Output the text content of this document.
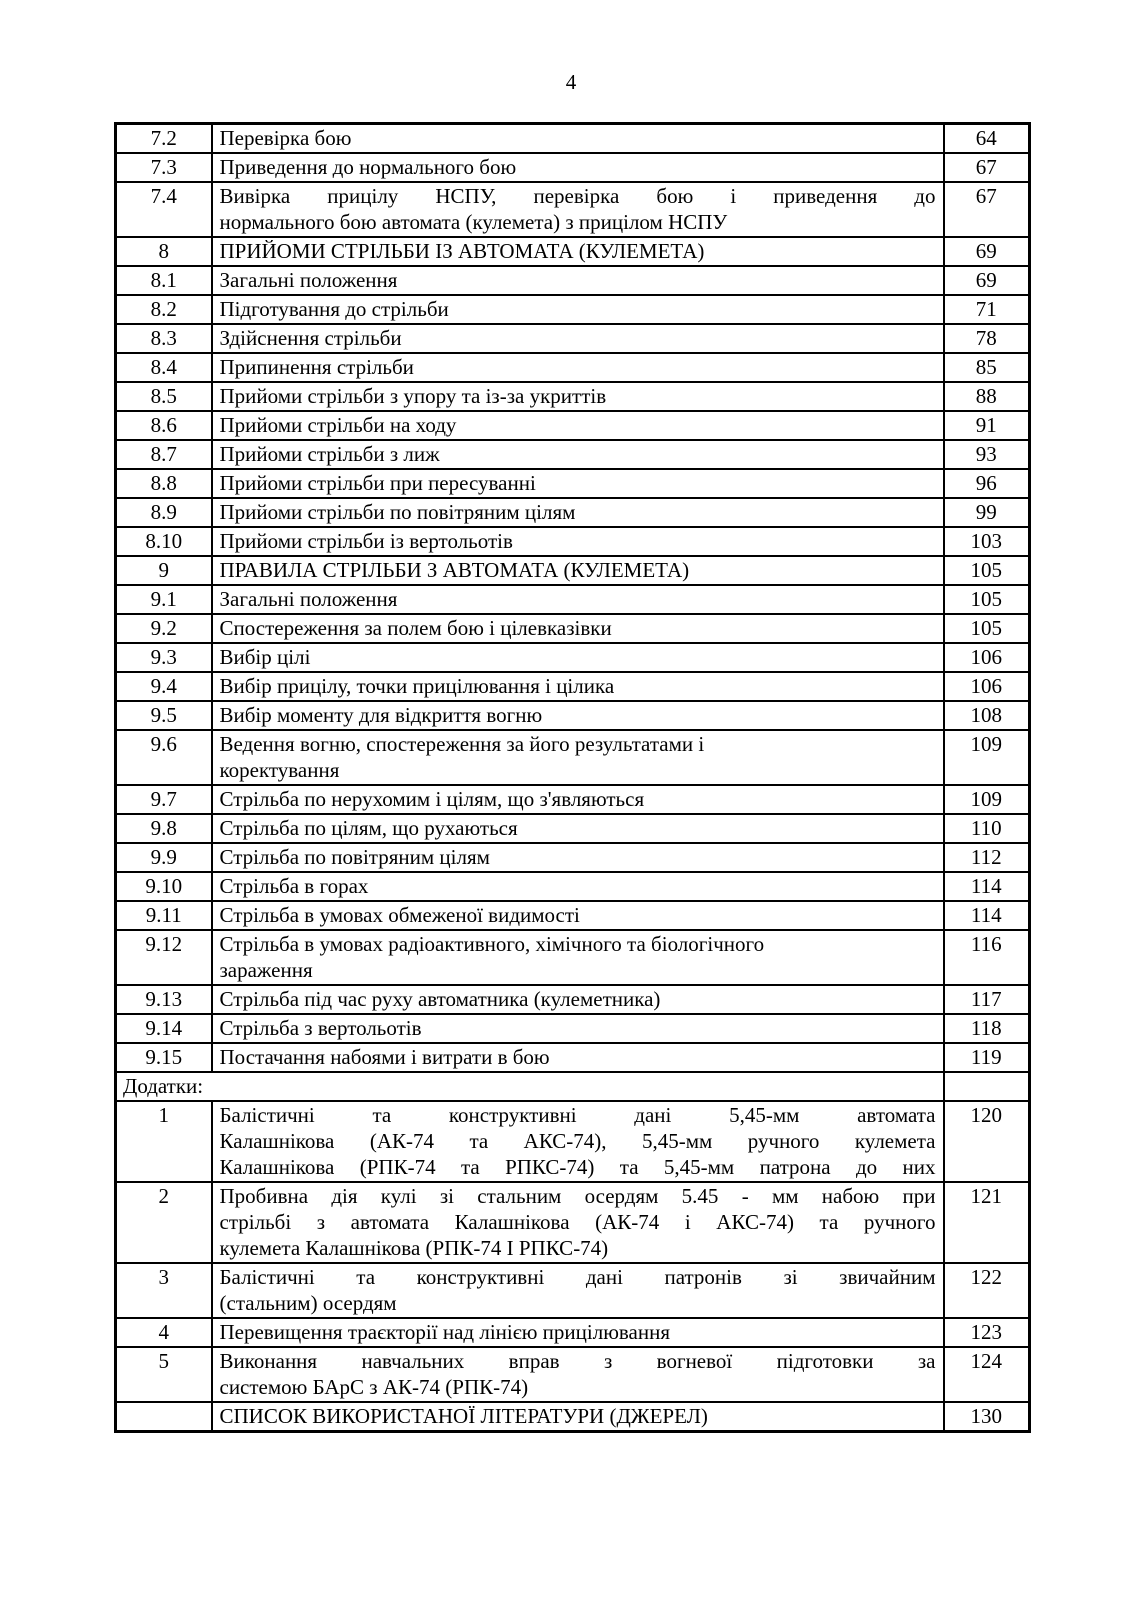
4
7.2	Перевірка бою	64
7.3	Приведення до нормального бою	67
7.4	Вивірка прицілу НСПУ, перевірка бою і приведення до
нормального бою автомата (кулемета) з прицілом НСПУ	67
8	ПРИЙОМИ СТРІЛЬБИ ІЗ АВТОМАТА (КУЛЕМЕТА)	69
8.1	Загальні положення	69
8.2	Підготування до стрільби	71
8.3	Здійснення стрільби	78
8.4	Припинення стрільби	85
8.5	Прийоми стрільби з упору та із-за укриттів	88
8.6	Прийоми стрільби на ходу	91
8.7	Прийоми стрільби з лиж	93
8.8	Прийоми стрільби при пересуванні	96
8.9	Прийоми стрільби по повітряним цілям	99
8.10	Прийоми стрільби із вертольотів	103
9	ПРАВИЛА СТРІЛЬБИ З АВТОМАТА (КУЛЕМЕТА)	105
9.1	Загальні положення	105
9.2	Спостереження за полем бою і цілевказівки	105
9.3	Вибір цілі	106
9.4	Вибір прицілу, точки прицілювання і цілика	106
9.5	Вибір моменту для відкриття вогню	108
9.6	Ведення вогню, спостереження за його результатами і
коректування	109
9.7	Стрільба по нерухомим і цілям, що з'являються	109
9.8	Стрільба по цілям, що рухаються	110
9.9	Стрільба по повітряним цілям	112
9.10	Стрільба в горах	114
9.11	Стрільба в умовах обмеженої видимості	114
9.12	Стрільба в умовах радіоактивного, хімічного та біологічного
зараження	116
9.13	Стрільба під час руху автоматника (кулеметника)	117
9.14	Стрільба з вертольотів	118
9.15	Постачання набоями і витрати в бою	119
Додатки:		
1	Балістичні та конструктивні дані 5,45-мм автомата
Калашнікова (АК-74 та АКС-74), 5,45-мм ручного кулемета
Калашнікова (РПК-74 та РПКС-74) та 5,45-мм патрона до них	120
2	Пробивна дія кулі зі стальним осердям 5.45 - мм набою при
стрільбі з автомата Калашнікова (АК-74 і АКС-74) та ручного
кулемета Калашнікова (РПК-74 І РПКС-74)	121
3	Балістичні та конструктивні дані патронів зі звичайним
(стальним) осердям	122
4	Перевищення траєкторії над лінією прицілювання	123
5	Виконання навчальних вправ з вогневої підготовки за
системою БАрС з АК-74 (РПК-74)	124

	СПИСОК ВИКОРИСТАНОЇ ЛІТЕРАТУРИ (ДЖЕРЕЛ)	130
